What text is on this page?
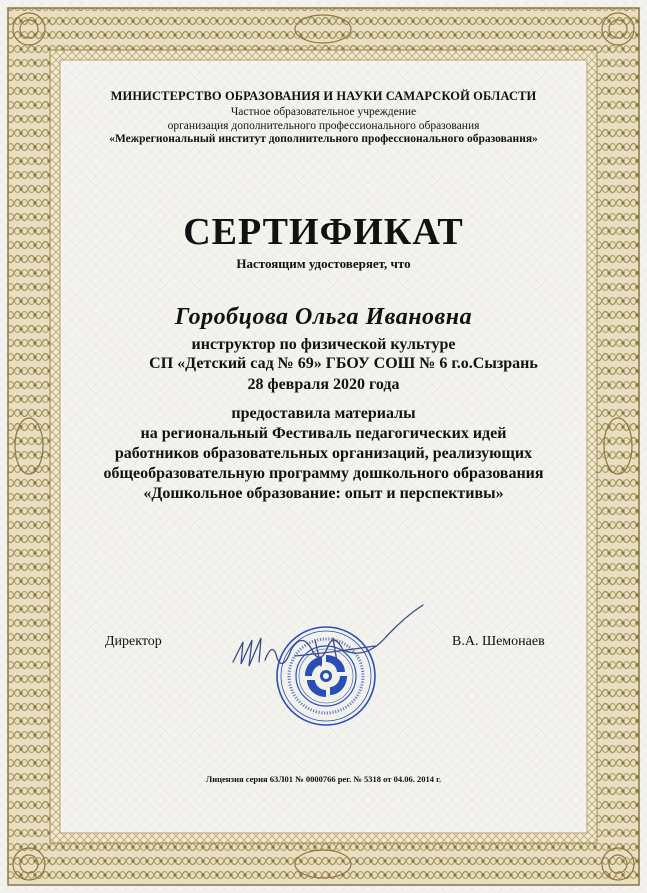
МИНИСТЕРСТВО ОБРАЗОВАНИЯ И НАУКИ САМАРСКОЙ ОБЛАСТИ
Частное образовательное учреждение
организация дополнительного профессионального образования
«Межрегиональный институт дополнительного профессионального образования»
СЕРТИФИКАТ
Настоящим удостоверяет, что
Горобцова Ольга Ивановна
инструктор по физической культуре
СП «Детский сад № 69» ГБОУ СОШ № 6 г.о.Сызрань
28 февраля 2020 года
предоставила материалы
на региональный Фестиваль педагогических идей
работников образовательных организаций, реализующих
общеобразовательную программу дошкольного образования
«Дошкольное образование: опыт и перспективы»
Директор	В.А. Шемонаев
Лицензия серия 63Л01 № 0000766 рег. № 5318 от 04.06. 2014 г.
